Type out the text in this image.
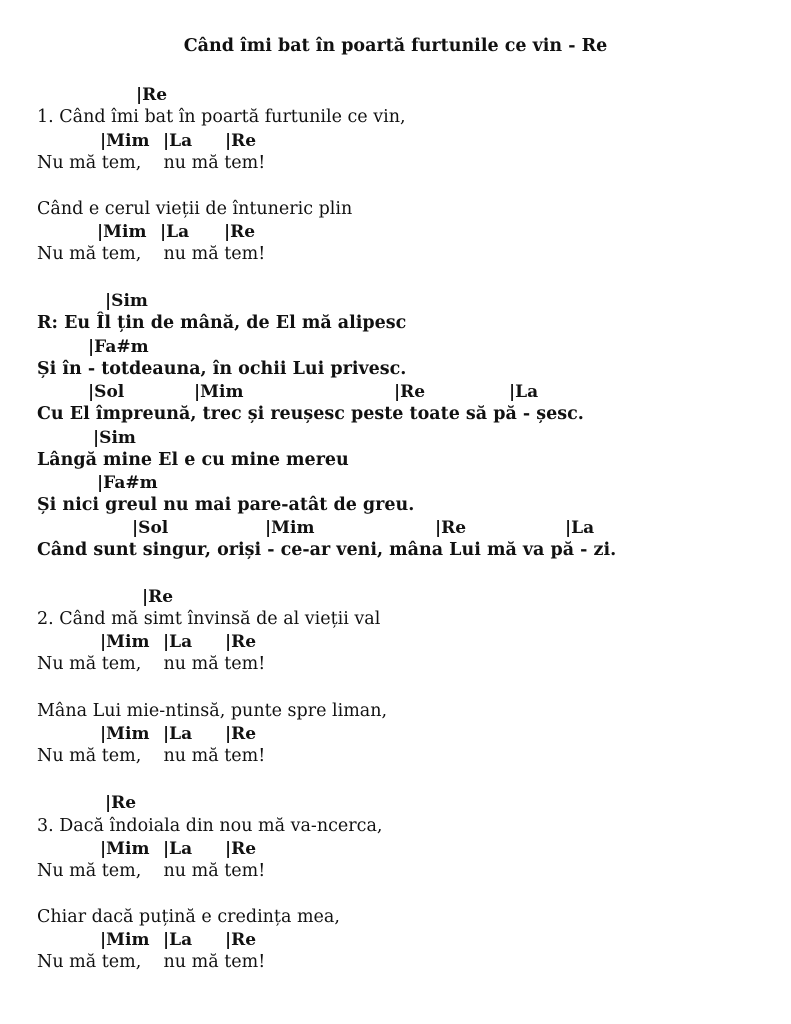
Când îmi bat în poartă furtunile ce vin - Re
|Re
1. Când îmi bat în poartă furtunile ce vin,
|Mim |La |Re
Nu mă tem,    nu mă tem!
Când e cerul vieții de întuneric plin
|Mim |La |Re
Nu mă tem,    nu mă tem!
|Sim
R: Eu Îl țin de mână, de El mă alipesc
|Fa#m
Și în - totdeauna, în ochii Lui privesc.
|Sol	|Mim	|Re	|La
Cu El împreună, trec și reușesc peste toate să pă - șesc.
|Sim
Lângă mine El e cu mine mereu
|Fa#m
Și nici greul nu mai pare-atât de greu.
|Sol	|Mim	|Re	|La
Când sunt singur, oriși - ce-ar veni, mâna Lui mă va pă - zi.
|Re
2. Când mă simt învinsă de al vieții val
|Mim |La |Re
Nu mă tem,    nu mă tem!
Mâna Lui mie-ntinsă, punte spre liman,
|Mim |La |Re
Nu mă tem,    nu mă tem!
|Re
3. Dacă îndoiala din nou mă va-ncerca,
|Mim |La |Re
Nu mă tem,    nu mă tem!
Chiar dacă puțină e credința mea,
|Mim |La |Re
Nu mă tem,    nu mă tem!
